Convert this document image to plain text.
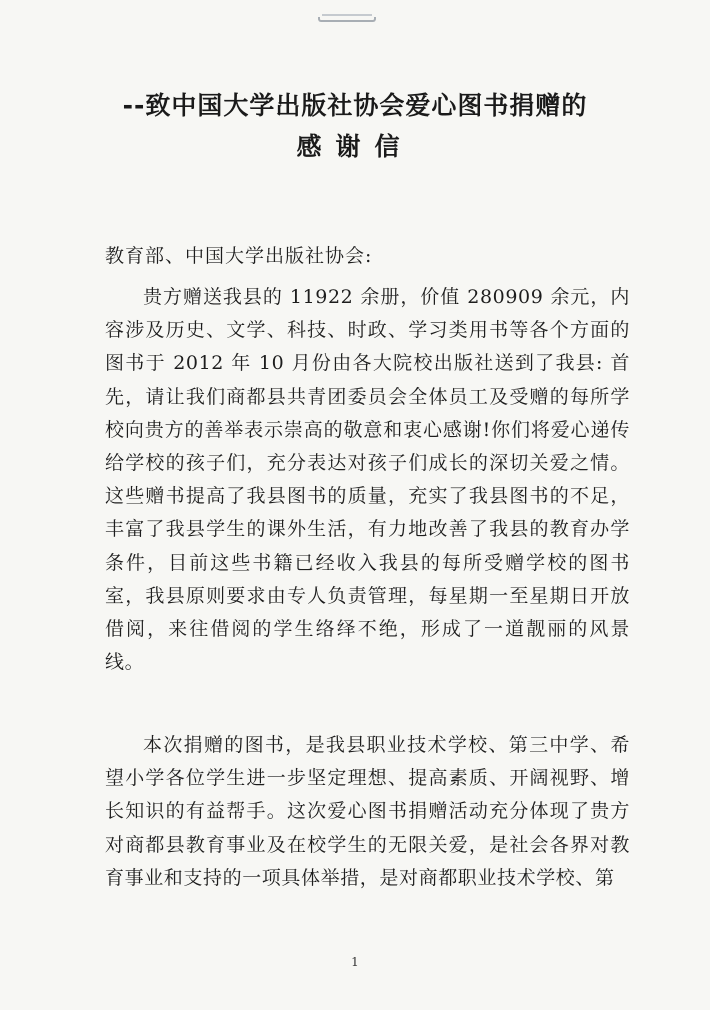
--致中国大学出版社协会爱心图书捐赠的
感谢信

教育部、中国大学出版社协会:

贵方赠送我县的 11922 余册，价值 280909 余元，内容涉及历史、文学、科技、时政、学习类用书等各个方面的图书于 2012 年 10 月份由各大院校出版社送到了我县: 首先，请让我们商都县共青团委员会全体员工及受赠的每所学校向贵方的善举表示崇高的敬意和衷心感谢!你们将爱心递传给学校的孩子们，充分表达对孩子们成长的深切关爱之情。这些赠书提高了我县图书的质量，充实了我县图书的不足，丰富了我县学生的课外生活，有力地改善了我县的教育办学条件，目前这些书籍已经收入我县的每所受赠学校的图书室，我县原则要求由专人负责管理，每星期一至星期日开放借阅，来往借阅的学生络绎不绝，形成了一道靓丽的风景线。

本次捐赠的图书，是我县职业技术学校、第三中学、希望小学各位学生进一步坚定理想、提高素质、开阔视野、增长知识的有益帮手。这次爱心图书捐赠活动充分体现了贵方对商都县教育事业及在校学生的无限关爱，是社会各界对教育事业和支持的一项具体举措，是对商都职业技术学校、第

1
